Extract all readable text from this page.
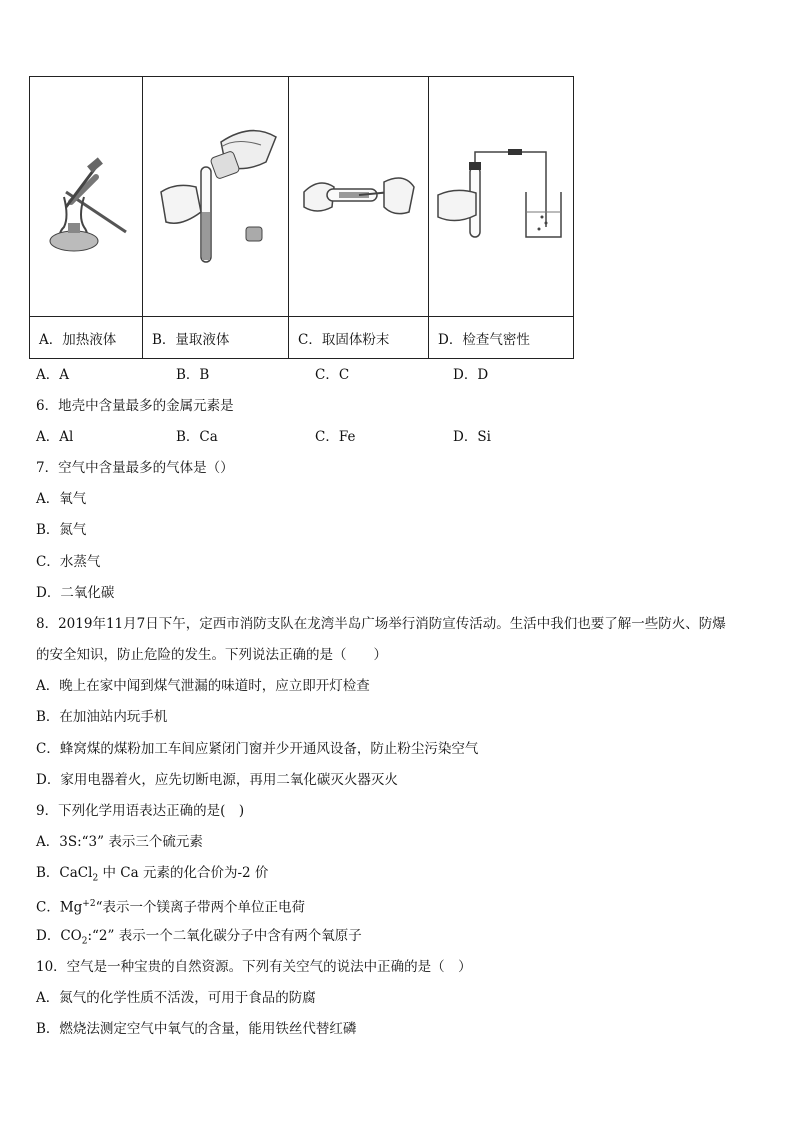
A．加热液体	B．量取液体	C．取固体粉末	D．检查气密性
A．A	B．B	C．C	D．D
6．地壳中含量最多的金属元素是
A．Al	B．Ca	C．Fe	D．Si
7．空气中含量最多的气体是（）
A．氧气
B．氮气
C．水蒸气
D．二氧化碳
8．2019年11月7日下午，定西市消防支队在龙湾半岛广场举行消防宣传活动。生活中我们也要了解一些防火、防爆
的安全知识，防止危险的发生。下列说法正确的是（　　）
A．晚上在家中闻到煤气泄漏的味道时，应立即开灯检查
B．在加油站内玩手机
C．蜂窝煤的煤粉加工车间应紧闭门窗并少开通风设备，防止粉尘污染空气
D．家用电器着火，应先切断电源，再用二氧化碳灭火器灭火
9．下列化学用语表达正确的是(　)
A．3S:“3” 表示三个硫元素
B．CaCl$_2$ 中 Ca 元素的化合价为-2 价
C．$Mg^{+2}“$表示一个镁离子带两个单位正电荷
D．$CO_2:“2$” 表示一个二氧化碳分子中含有两个氧原子
10．空气是一种宝贵的自然资源。下列有关空气的说法中正确的是（　）
A．氮气的化学性质不活泼，可用于食品的防腐
B．燃烧法测定空气中氧气的含量，能用铁丝代替红磷
